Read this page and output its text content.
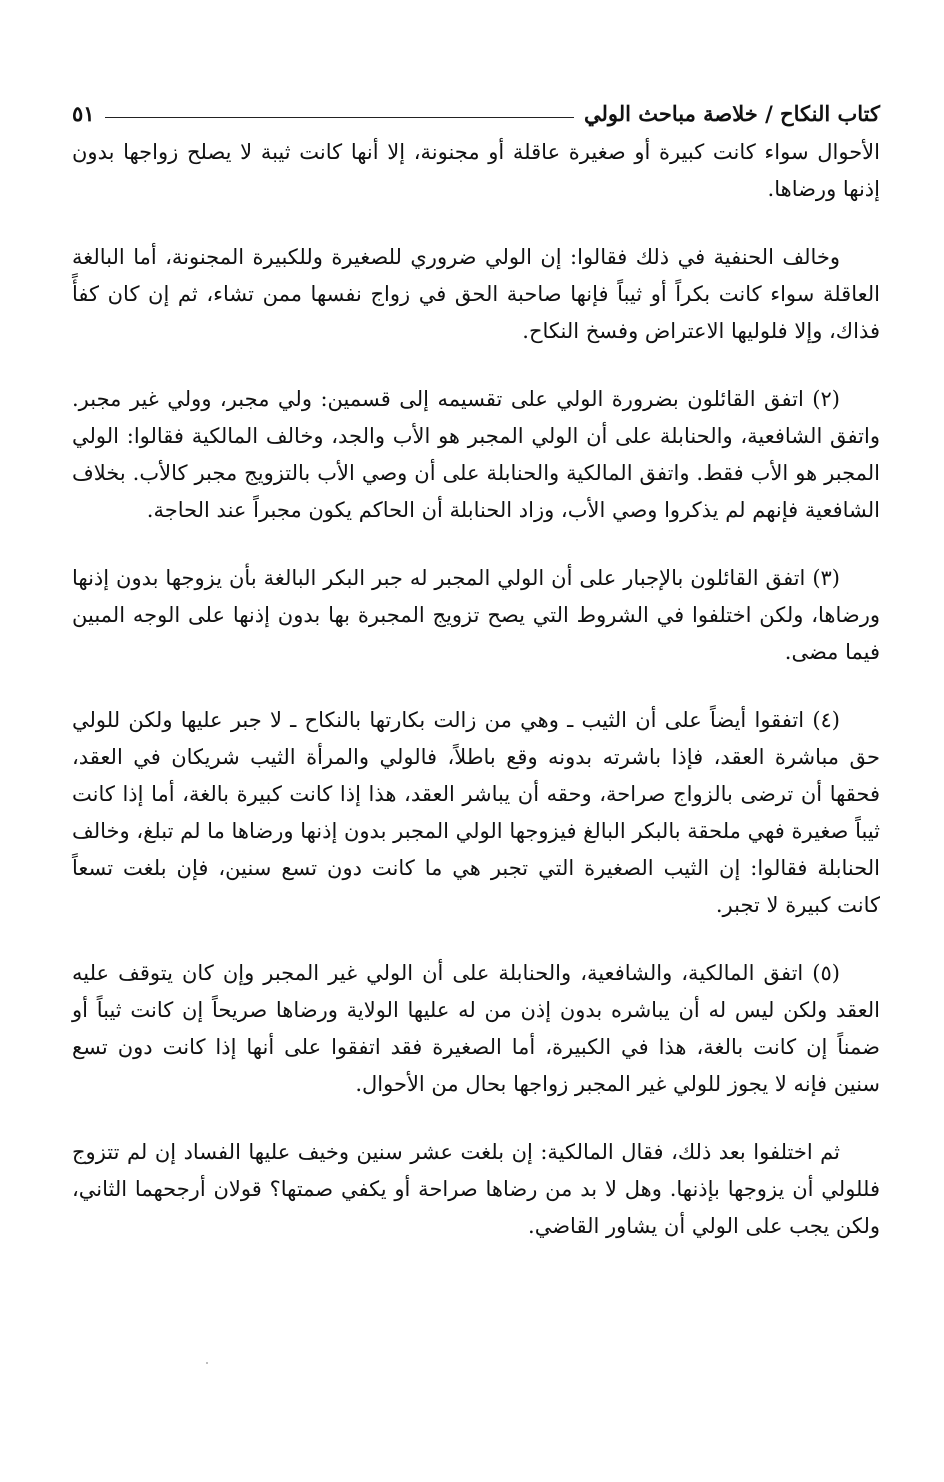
كتاب النكاح / خلاصة مباحث الولي
٥١

الأحوال سواء كانت كبيرة أو صغيرة عاقلة أو مجنونة، إلا أنها كانت ثيبة لا يصلح زواجها بدون إذنها ورضاها.

وخالف الحنفية في ذلك فقالوا: إن الولي ضروري للصغيرة وللكبيرة المجنونة، أما البالغة العاقلة سواء كانت بكراً أو ثيباً فإنها صاحبة الحق في زواج نفسها ممن تشاء، ثم إن كان كفأً فذاك، وإلا فلوليها الاعتراض وفسخ النكاح.

(٢) اتفق القائلون بضرورة الولي على تقسيمه إلى قسمين: ولي مجبر، وولي غير مجبر. واتفق الشافعية، والحنابلة على أن الولي المجبر هو الأب والجد، وخالف المالكية فقالوا: الولي المجبر هو الأب فقط. واتفق المالكية والحنابلة على أن وصي الأب بالتزويج مجبر كالأب. بخلاف الشافعية فإنهم لم يذكروا وصي الأب، وزاد الحنابلة أن الحاكم يكون مجبراً عند الحاجة.

(٣) اتفق القائلون بالإجبار على أن الولي المجبر له جبر البكر البالغة بأن يزوجها بدون إذنها ورضاها، ولكن اختلفوا في الشروط التي يصح تزويج المجبرة بها بدون إذنها على الوجه المبين فيما مضى.

(٤) اتفقوا أيضاً على أن الثيب ـ وهي من زالت بكارتها بالنكاح ـ لا جبر عليها ولكن للولي حق مباشرة العقد، فإذا باشرته بدونه وقع باطلاً، فالولي والمرأة الثيب شريكان في العقد، فحقها أن ترضى بالزواج صراحة، وحقه أن يباشر العقد، هذا إذا كانت كبيرة بالغة، أما إذا كانت ثيباً صغيرة فهي ملحقة بالبكر البالغ فيزوجها الولي المجبر بدون إذنها ورضاها ما لم تبلغ، وخالف الحنابلة فقالوا: إن الثيب الصغيرة التي تجبر هي ما كانت دون تسع سنين، فإن بلغت تسعاً كانت كبيرة لا تجبر.

(٥) اتفق المالكية، والشافعية، والحنابلة على أن الولي غير المجبر وإن كان يتوقف عليه العقد ولكن ليس له أن يباشره بدون إذن من له عليها الولاية ورضاها صريحاً إن كانت ثيباً أو ضمناً إن كانت بالغة، هذا في الكبيرة، أما الصغيرة فقد اتفقوا على أنها إذا كانت دون تسع سنين فإنه لا يجوز للولي غير المجبر زواجها بحال من الأحوال.

ثم اختلفوا بعد ذلك، فقال المالكية: إن بلغت عشر سنين وخيف عليها الفساد إن لم تتزوج فللولي أن يزوجها بإذنها. وهل لا بد من رضاها صراحة أو يكفي صمتها؟ قولان أرجحهما الثاني، ولكن يجب على الولي أن يشاور القاضي.
